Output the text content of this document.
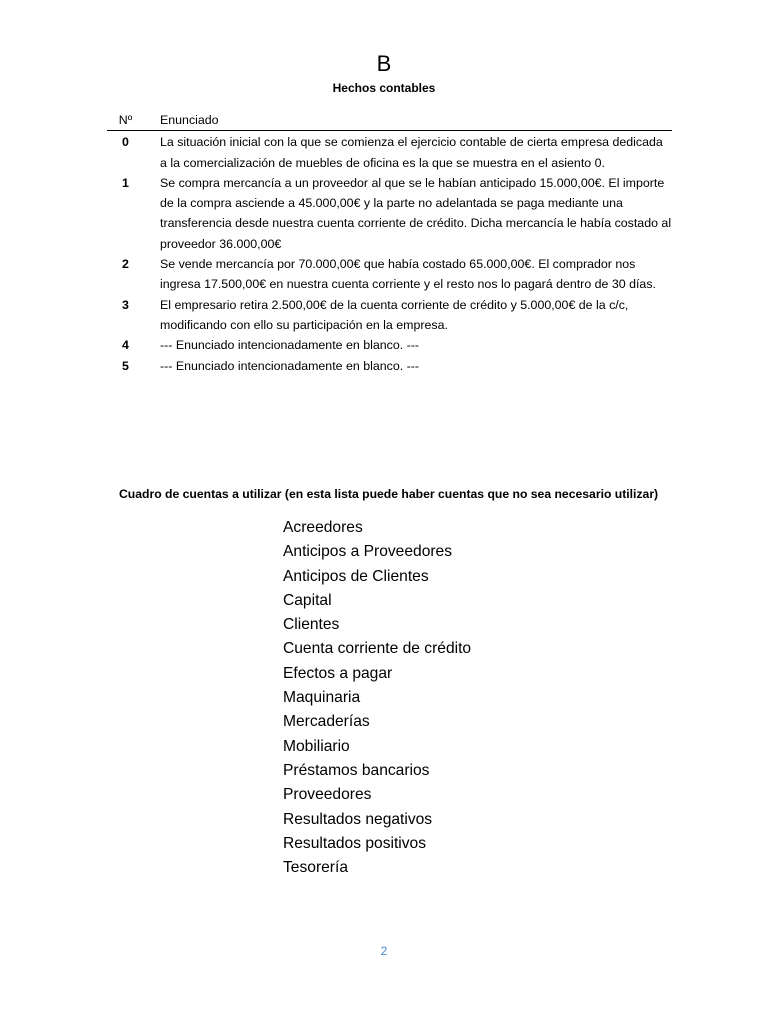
B
Hechos contables
Nº	Enunciado
0	La situación inicial con la que se comienza el ejercicio contable de cierta empresa dedicada a la comercialización de muebles de oficina es la que se muestra en el asiento 0.
1	Se compra mercancía a un proveedor al que se le habían anticipado 15.000,00€. El importe de la compra asciende a 45.000,00€ y la parte no adelantada se paga mediante una transferencia desde nuestra cuenta corriente de crédito. Dicha mercancía le había costado al proveedor 36.000,00€
2	Se vende mercancía por 70.000,00€ que había costado 65.000,00€. El comprador nos ingresa 17.500,00€ en nuestra cuenta corriente y el resto nos lo pagará dentro de 30 días.
3	El empresario retira 2.500,00€ de la cuenta corriente de crédito y 5.000,00€ de la c/c, modificando con ello su participación en la empresa.
4	--- Enunciado intencionadamente en blanco. ---
5	--- Enunciado intencionadamente en blanco. ---
Cuadro de cuentas a utilizar (en esta lista puede haber cuentas que no sea necesario utilizar)
Acreedores
Anticipos a Proveedores
Anticipos de Clientes
Capital
Clientes
Cuenta corriente de crédito
Efectos a pagar
Maquinaria
Mercaderías
Mobiliario
Préstamos bancarios
Proveedores
Resultados negativos
Resultados positivos
Tesorería
2
